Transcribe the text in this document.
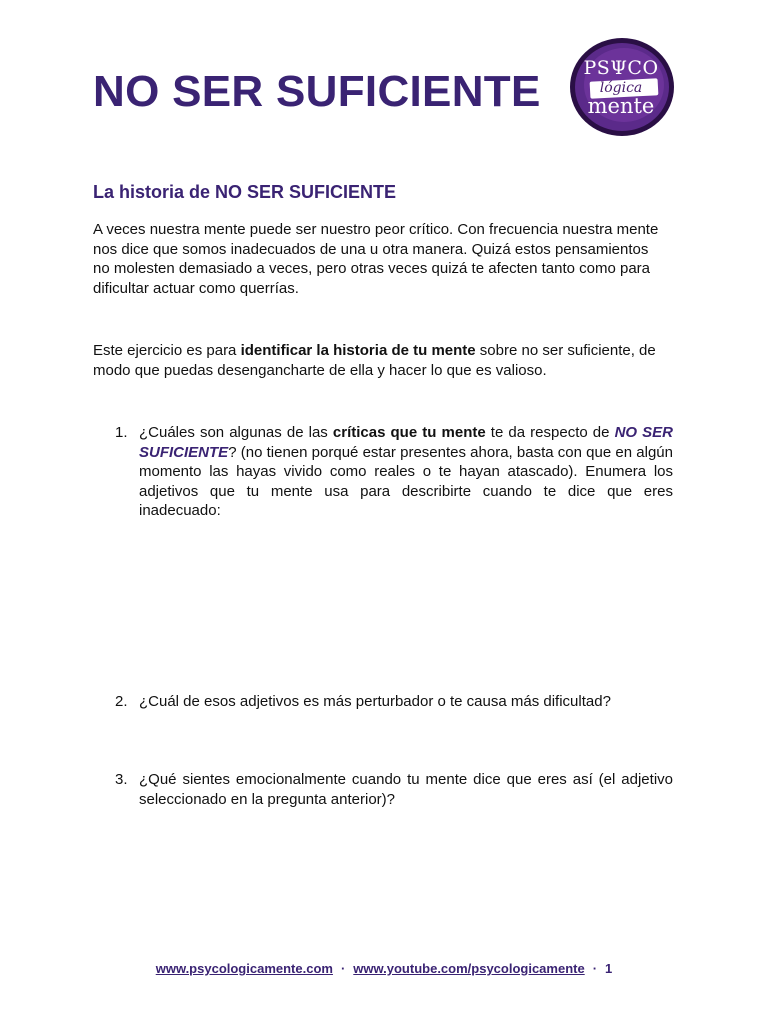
NO SER SUFICIENTE	PSΨCO
lógica
mente
La historia de NO SER SUFICIENTE

A veces nuestra mente puede ser nuestro peor crítico. Con frecuencia nuestra mente nos dice que somos inadecuados de una u otra manera. Quizá estos pensamientos no molesten demasiado a veces, pero otras veces quizá te afecten tanto como para dificultar actuar como querrías.

Este ejercicio es para identificar la historia de tu mente sobre no ser suficiente, de modo que puedas desengancharte de ella y hacer lo que es valioso.

1. ¿Cuáles son algunas de las críticas que tu mente te da respecto de NO SER SUFICIENTE? (no tienen porqué estar presentes ahora, basta con que en algún momento las hayas vivido como reales o te hayan atascado). Enumera los adjetivos que tu mente usa para describirte cuando te dice que eres inadecuado:
2. ¿Cuál de esos adjetivos es más perturbador o te causa más dificultad?
3. ¿Qué sientes emocionalmente cuando tu mente dice que eres así (el adjetivo seleccionado en la pregunta anterior)?
www.psycologicamente.com · www.youtube.com/psycologicamente · 1
